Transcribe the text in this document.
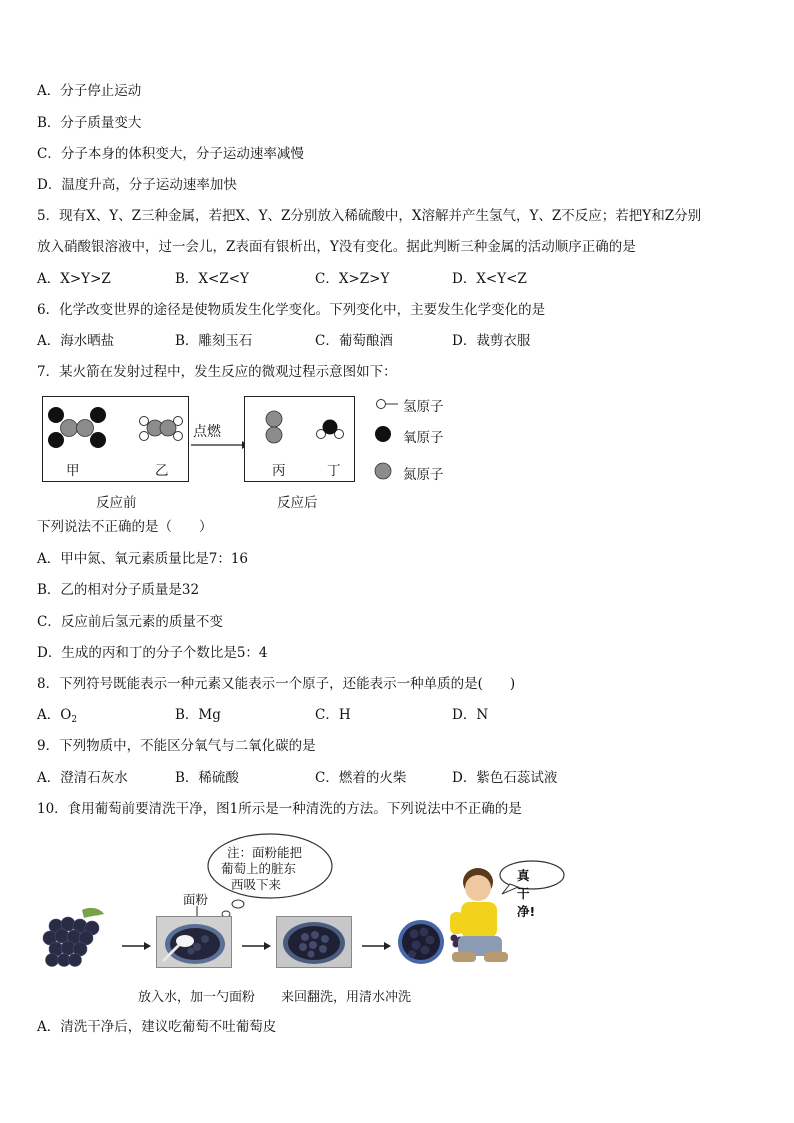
A．分子停止运动
B．分子质量变大
C．分子本身的体积变大，分子运动速率减慢
D．温度升高，分子运动速率加快
5．现有X、Y、Z三种金属，若把X、Y、Z分别放入稀硫酸中，X溶解并产生氢气，Y、Z不反应；若把Y和Z分别
放入硝酸银溶液中，过一会儿，Z表面有银析出，Y没有变化。据此判断三种金属的活动顺序正确的是
A．X>Y>Z	B．X<Z<Y	C．X>Z>Y	D．X<Y<Z
6．化学改变世界的途径是使物质发生化学变化。下列变化中，主要发生化学变化的是
A．海水晒盐	B．雕刻玉石	C．葡萄酿酒	D．裁剪衣服
7．某火箭在发射过程中，发生反应的微观过程示意图如下：
甲	乙
点燃
丙	丁
反应前	反应后
氢原子
氧原子
氮原子
下列说法不正确的是（　　）
A．甲中氮、氧元素质量比是7：16
B．乙的相对分子质量是32
C．反应前后氢元素的质量不变
D．生成的丙和丁的分子个数比是5：4
8．下列符号既能表示一种元素又能表示一个原子，还能表示一种单质的是(　　)
A．$O_2$	B．Mg	C．H	D．N
9．下列物质中，不能区分氧气与二氧化碳的是
A．澄清石灰水	B．稀硫酸	C．燃着的火柴	D．紫色石蕊试液
10．食用葡萄前要清洗干净，图1所示是一种清洗的方法。下列说法中不正确的是
注：面粉能把
葡萄上的脏东
西吸下来
面粉
真干净!
放入水，加一勺面粉 来回翻洗，用清水冲洗
A．清洗干净后，建议吃葡萄不吐葡萄皮
